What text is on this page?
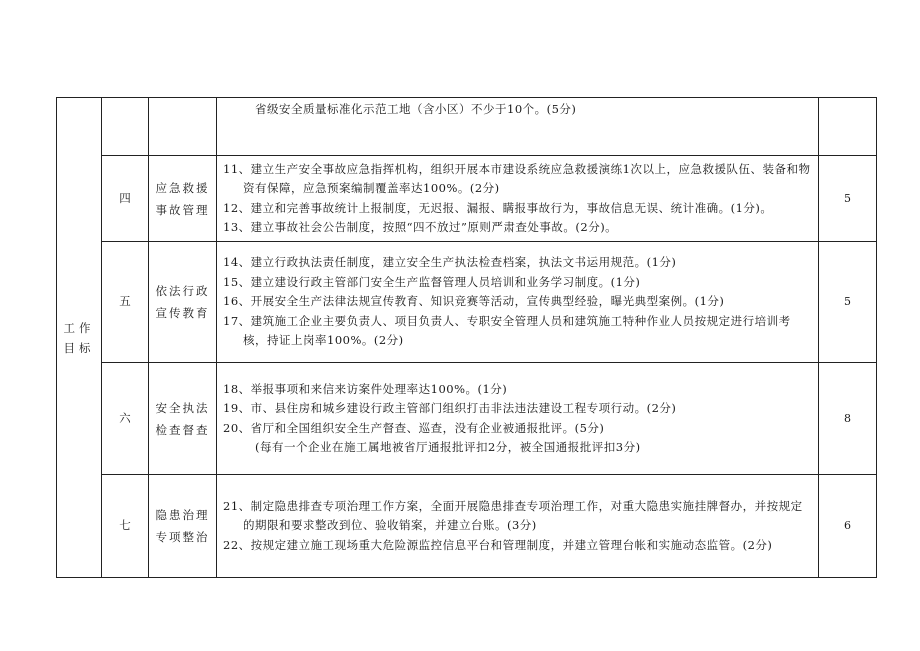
工作目标			省级安全质量标准化示范工地（含小区）不少于10个。(5分)	

	四	应急救援事故管理	11、建立生产安全事故应急指挥机构，组织开展本市建设系统应急救援演练1次以上，应急救援队伍、装备和物资有保障，应急预案编制覆盖率达100%。(2分)
12、建立和完善事故统计上报制度，无迟报、漏报、瞒报事故行为，事故信息无误、统计准确。(1分)。
13、建立事故社会公告制度，按照“四不放过”原则严肃查处事故。(2分)。	5
	五	依法行政宣传教育	14、建立行政执法责任制度，建立安全生产执法检查档案，执法文书运用规范。(1分)
15、建立建设行政主管部门安全生产监督管理人员培训和业务学习制度。(1分)
16、开展安全生产法律法规宣传教育、知识竞赛等活动，宣传典型经验，曝光典型案例。(1分)
17、建筑施工企业主要负责人、项目负责人、专职安全管理人员和建筑施工特种作业人员按规定进行培训考核，持证上岗率100%。(2分)	5
	六	安全执法检查督查	18、举报事项和来信来访案件处理率达100%。(1分)
19、市、县住房和城乡建设行政主管部门组织打击非法违法建设工程专项行动。(2分)
20、省厅和全国组织安全生产督查、巡查，没有企业被通报批评。(5分)
(每有一个企业在施工属地被省厅通报批评扣2分，被全国通报批评扣3分)	8
	七	隐患治理专项整治	21、制定隐患排查专项治理工作方案，全面开展隐患排查专项治理工作，对重大隐患实施挂牌督办，并按规定的期限和要求整改到位、验收销案，并建立台账。(3分)
22、按规定建立施工现场重大危险源监控信息平台和管理制度，并建立管理台帐和实施动态监管。(2分)	6
